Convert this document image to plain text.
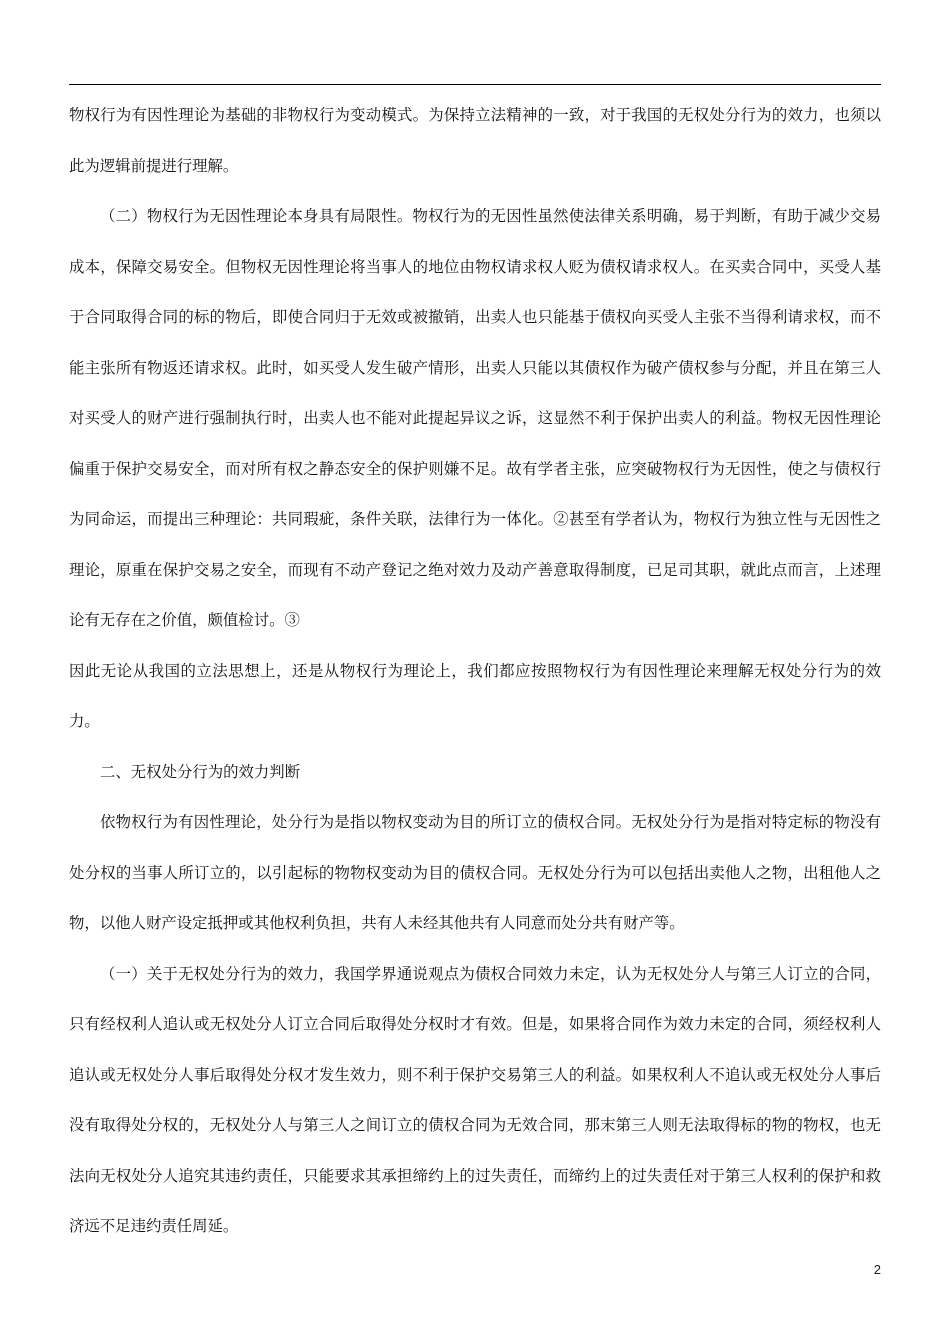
物权行为有因性理论为基础的非物权行为变动模式。为保持立法精神的一致，对于我国的无权处分行为的效力，也须以此为逻辑前提进行理解。

（二）物权行为无因性理论本身具有局限性。物权行为的无因性虽然使法律关系明确，易于判断，有助于减少交易成本，保障交易安全。但物权无因性理论将当事人的地位由物权请求权人贬为债权请求权人。在买卖合同中，买受人基于合同取得合同的标的物后，即使合同归于无效或被撤销，出卖人也只能基于债权向买受人主张不当得利请求权，而不能主张所有物返还请求权。此时，如买受人发生破产情形，出卖人只能以其债权作为破产债权参与分配，并且在第三人对买受人的财产进行强制执行时，出卖人也不能对此提起异议之诉，这显然不利于保护出卖人的利益。物权无因性理论偏重于保护交易安全，而对所有权之静态安全的保护则嫌不足。故有学者主张，应突破物权行为无因性，使之与债权行为同命运，而提出三种理论：共同瑕疵，条件关联，法律行为一体化。②甚至有学者认为，物权行为独立性与无因性之理论，原重在保护交易之安全，而现有不动产登记之绝对效力及动产善意取得制度，已足司其职，就此点而言，上述理论有无存在之价值，颇值检讨。③

因此无论从我国的立法思想上，还是从物权行为理论上，我们都应按照物权行为有因性理论来理解无权处分行为的效力。

二、无权处分行为的效力判断

依物权行为有因性理论，处分行为是指以物权变动为目的所订立的债权合同。无权处分行为是指对特定标的物没有处分权的当事人所订立的，以引起标的物物权变动为目的债权合同。无权处分行为可以包括出卖他人之物，出租他人之物，以他人财产设定抵押或其他权利负担，共有人未经其他共有人同意而处分共有财产等。

（一）关于无权处分行为的效力，我国学界通说观点为债权合同效力未定，认为无权处分人与第三人订立的合同，只有经权利人追认或无权处分人订立合同后取得处分权时才有效。但是，如果将合同作为效力未定的合同，须经权利人追认或无权处分人事后取得处分权才发生效力，则不利于保护交易第三人的利益。如果权利人不追认或无权处分人事后没有取得处分权的，无权处分人与第三人之间订立的债权合同为无效合同，那末第三人则无法取得标的物的物权，也无法向无权处分人追究其违约责任，只能要求其承担缔约上的过失责任，而缔约上的过失责任对于第三人权利的保护和救济远不足违约责任周延。

2
